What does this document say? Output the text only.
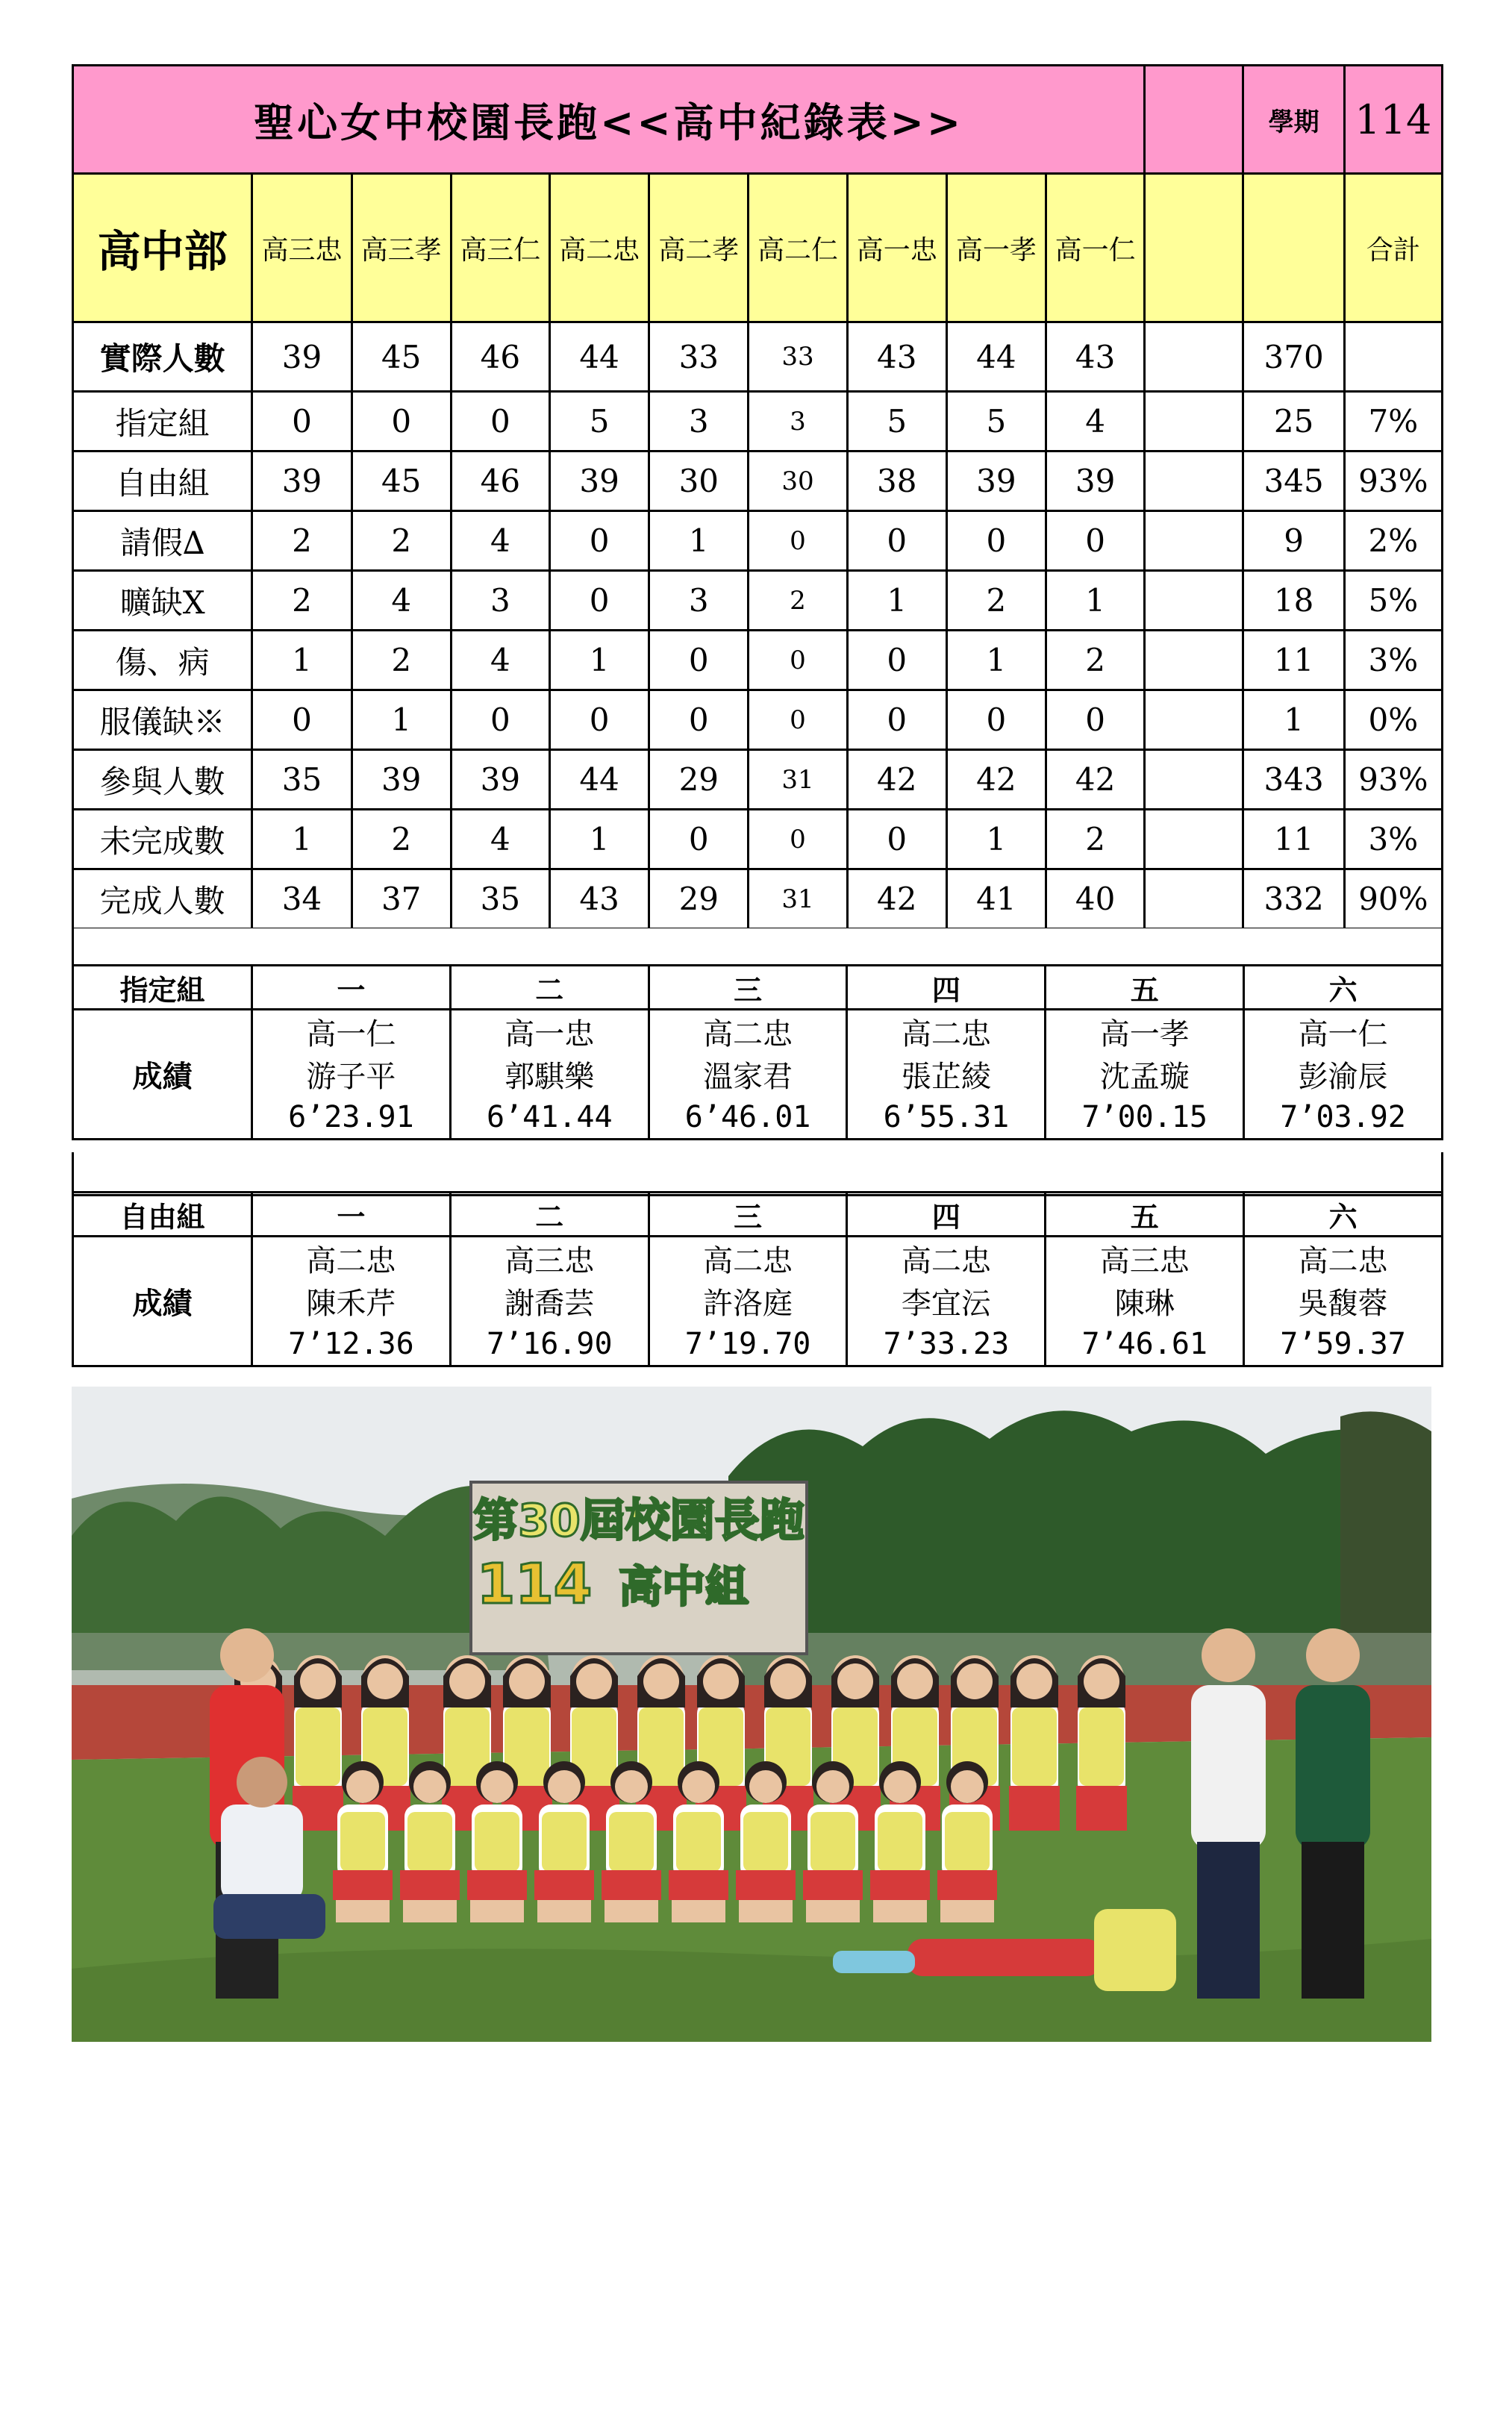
聖心女中校園長跑<<高中紀錄表>>											學期	114
高中部	高三忠	高三孝	高三仁	高二忠	高二孝	高二仁	高一忠	高一孝	高一仁			合計
實際人數	39	45	46	44	33	33	43	44	43		370	
指定組	0	0	0	5	3	3	5	5	4		25	7%
自由組	39	45	46	39	30	30	38	39	39		345	93%
請假∆	2	2	4	0	1	0	0	0	0		9	2%
曠缺X	2	4	3	0	3	2	1	2	1		18	5%
傷、病	1	2	4	1	0	0	0	1	2		11	3%
服儀缺※	0	1	0	0	0	0	0	0	0		1	0%
參與人數	35	39	39	44	29	31	42	42	42		343	93%
未完成數	1	2	4	1	0	0	0	1	2		11	3%
完成人數	34	37	35	43	29	31	42	41	40		332	90%
指定組	一	二	三	四	五	六
成績	高一仁	高一忠	高二忠	高二忠	高一孝	高一仁
	游子平	郭騏樂	溫家君	張芷綾	沈孟璇	彭渝辰
	6’23.91	6’41.44	6’46.01	6’55.31	7’00.15	7’03.92
自由組	一	二	三	四	五	六
成績	高二忠	高三忠	高二忠	高二忠	高三忠	高二忠
	陳禾芹	謝喬芸	許洛庭	李宜沄	陳琳	吳馥蓉
	7’12.36	7’16.90	7’19.70	7’33.23	7’46.61	7’59.37
第30屆校園長跑
114 高中組
